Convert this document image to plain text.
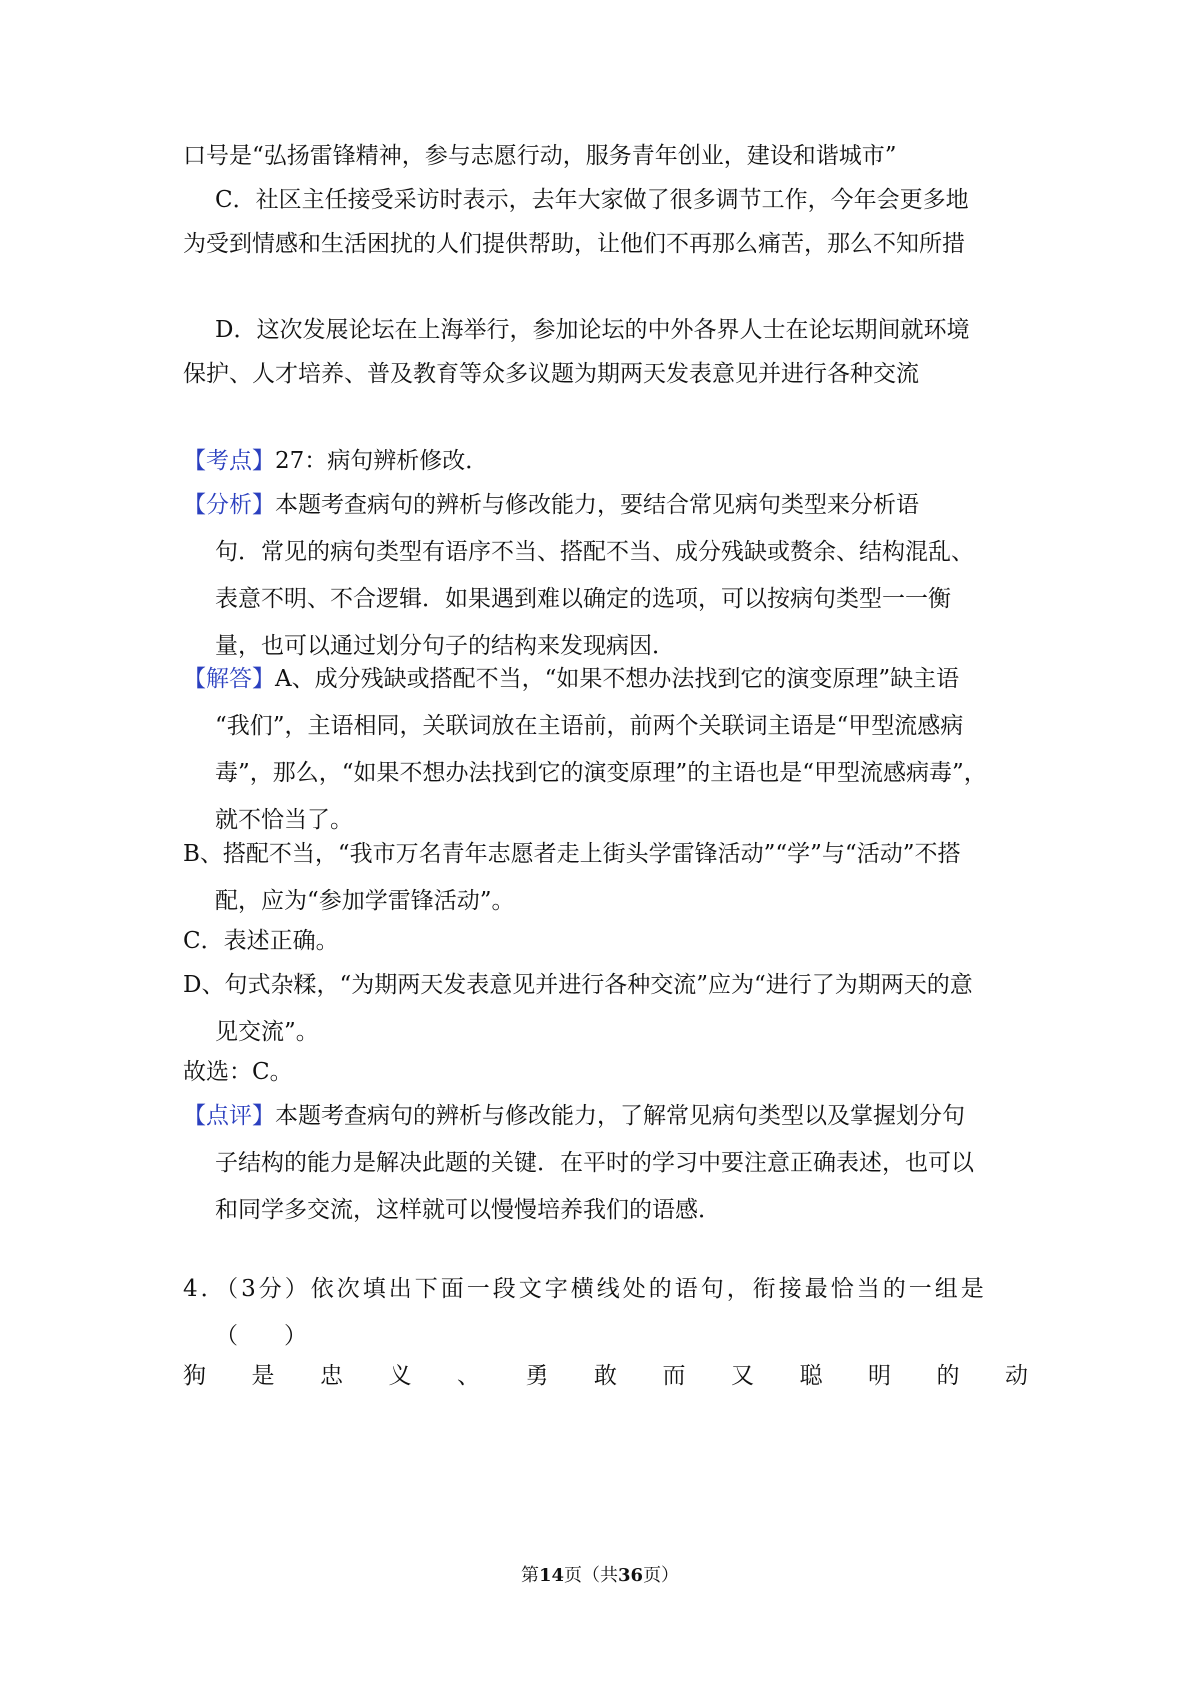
口号是“弘扬雷锋精神，参与志愿行动，服务青年创业，建设和谐城市”
C．社区主任接受采访时表示，去年大家做了很多调节工作，今年会更多地
为受到情感和生活困扰的人们提供帮助，让他们不再那么痛苦，那么不知所措
D．这次发展论坛在上海举行，参加论坛的中外各界人士在论坛期间就环境
保护、人才培养、普及教育等众多议题为期两天发表意见并进行各种交流
【考点】27：病句辨析修改．
【分析】本题考查病句的辨析与修改能力，要结合常见病句类型来分析语
句．常见的病句类型有语序不当、搭配不当、成分残缺或赘余、结构混乱、
表意不明、不合逻辑．如果遇到难以确定的选项，可以按病句类型一一衡
量，也可以通过划分句子的结构来发现病因．
【解答】A、成分残缺或搭配不当，“如果不想办法找到它的演变原理”缺主语
“我们”，主语相同，关联词放在主语前，前两个关联词主语是“甲型流感病
毒”，那么，“如果不想办法找到它的演变原理”的主语也是“甲型流感病毒”，
就不恰当了。
B、搭配不当，“我市万名青年志愿者走上街头学雷锋活动”“学”与“活动”不搭
配，应为“参加学雷锋活动”。
C．表述正确。
D、句式杂糅，“为期两天发表意见并进行各种交流”应为“进行了为期两天的意
见交流”。
故选：C。
【点评】本题考查病句的辨析与修改能力，了解常见病句类型以及掌握划分句
子结构的能力是解决此题的关键．在平时的学习中要注意正确表述，也可以
和同学多交流，这样就可以慢慢培养我们的语感．
4．（3分）依次填出下面一段文字横线处的语句，衔接最恰当的一组是
（　　）
狗 是 忠 义 、 勇 敢 而 又 聪 明 的 动
第14页（共36页）
